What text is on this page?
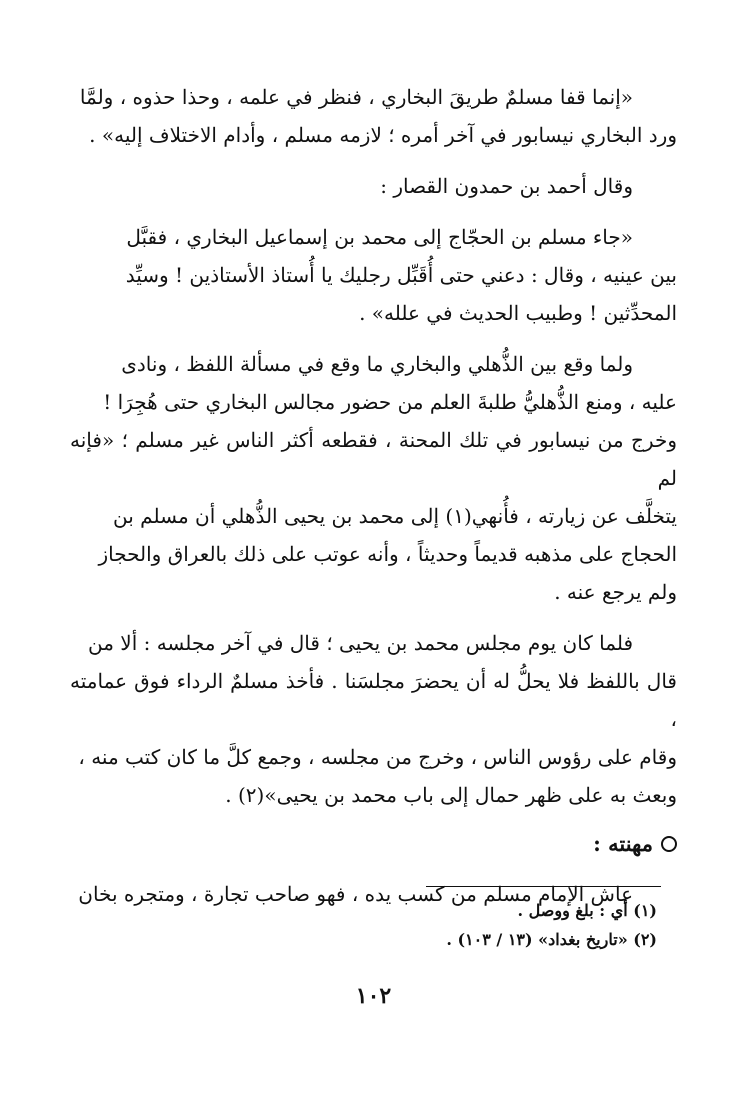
«إنما قفا مسلمٌ طريقَ البخاري ، فنظر في علمه ، وحذا حذوه ، ولمَّا
ورد البخاري نيسابور في آخر أمره ؛ لازمه مسلم ، وأدام الاختلاف إليه» .

وقال أحمد بن حمدون القصار :

«جاء مسلم بن الحجّاج إلى محمد بن إسماعيل البخاري ، فقبَّل
بين عينيه ، وقال : دعني حتى أُقَبِّل رجليك يا أُستاذ الأستاذين ! وسيِّد
المحدِّثين ! وطبيب الحديث في علله» .

ولما وقع بين الذُّهلي والبخاري ما وقع في مسألة اللفظ ، ونادى
عليه ، ومنع الذُّهليُّ طلبةَ العلم من حضور مجالس البخاري حتى هُجِرَا !
وخرج من نيسابور في تلك المحنة ، فقطعه أكثر الناس غير مسلم ؛ «فإنه لم
يتخلَّف عن زيارته ، فأُنهي(١) إلى محمد بن يحيى الذُّهلي أن مسلم بن
الحجاج على مذهبه قديماً وحديثاً ، وأنه عوتب على ذلك بالعراق والحجاز
ولم يرجع عنه .

فلما كان يوم مجلس محمد بن يحيى ؛ قال في آخر مجلسه : ألا من
قال باللفظ فلا يحلُّ له أن يحضرَ مجلسَنا . فأخذ مسلمٌ الرداء فوق عمامته ،
وقام على رؤوس الناس ، وخرج من مجلسه ، وجمع كلَّ ما كان كتب منه ،
وبعث به على ظهر حمال إلى باب محمد بن يحيى»(٢) .

مهنته :

عاش الإمام مسلم من كسب يده ، فهو صاحب تجارة ، ومتجره بخان

(١) أي : بلغ ووصل .

(٢) «تاريخ بغداد» (١٣ / ١٠٣) .

١٠٢
